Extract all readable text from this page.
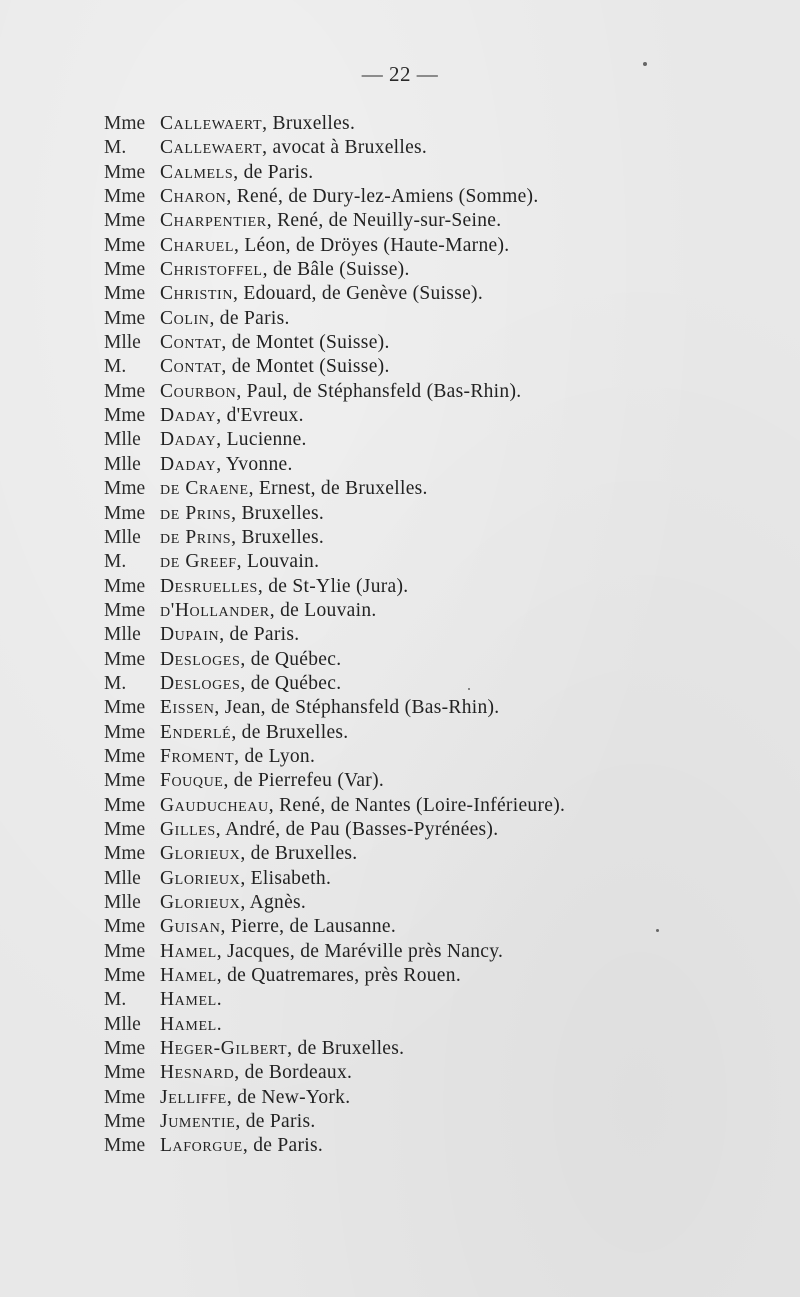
— 22 —
Mme Callewaert , Bruxelles.
M.	Callewaert , avocat à Bruxelles.
Mme Calmels , de Paris.
Mme Charon , René, de Dury-lez-Amiens (Somme).
Mme Charpentier , René, de Neuilly-sur-Seine.
Mme Charuel , Léon, de Dröyes (Haute-Marne).
Mme Christoffel , de Bâle (Suisse).
Mme Christin , Edouard, de Genève (Suisse).
Mme Colin , de Paris.
Mlle Contat , de Montet (Suisse).
M.	Contat , de Montet (Suisse).
Mme Courbon , Paul, de Stéphansfeld (Bas-Rhin).
Mme Daday , d'Evreux.
Mlle Daday , Lucienne.
Mlle Daday , Yvonne.
Mme de Craene , Ernest, de Bruxelles.
Mme de Prins , Bruxelles.
Mlle de Prins , Bruxelles.
M.	de Greef , Louvain.
Mme Desruelles , de St-Ylie (Jura).
Mme d'Hollander , de Louvain.
Mlle Dupain , de Paris.
Mme Desloges , de Québec.
M.	Desloges , de Québec.
Mme Eissen , Jean, de Stéphansfeld (Bas-Rhin).
Mme Enderlé , de Bruxelles.
Mme Froment , de Lyon.
Mme Fouque , de Pierrefeu (Var).
Mme Gauducheau , René, de Nantes (Loire-Inférieure).
Mme Gilles , André, de Pau (Basses-Pyrénées).
Mme Glorieux , de Bruxelles.
Mlle Glorieux , Elisabeth.
Mlle Glorieux , Agnès.
Mme Guisan , Pierre, de Lausanne.
Mme Hamel , Jacques, de Maréville près Nancy.
Mme Hamel , de Quatremares, près Rouen.
M.	Hamel .
Mlle Hamel .
Mme Heger-Gilbert , de Bruxelles.
Mme Hesnard , de Bordeaux.
Mme Jelliffe , de New-York.
Mme Jumentie , de Paris.
Mme Laforgue , de Paris.
